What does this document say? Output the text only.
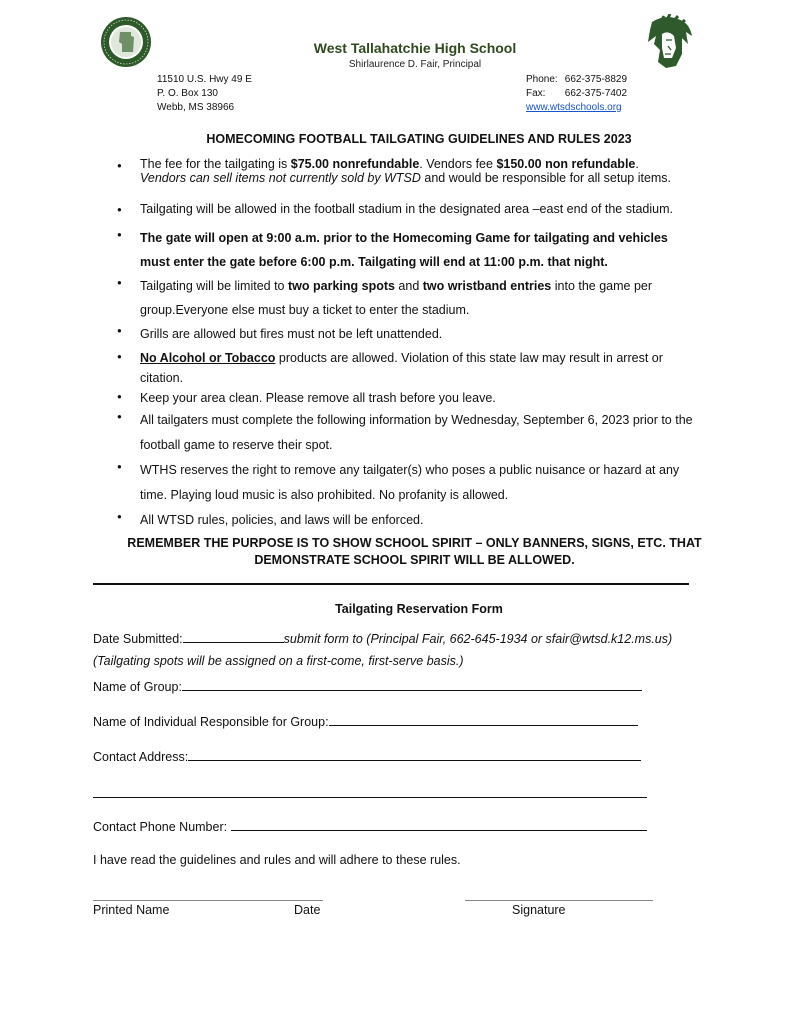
West Tallahatchie High School
Shirlaurence D. Fair, Principal
11510 U.S. Hwy 49 E
P. O. Box 130
Webb, MS 38966
Phone: 662-375-8829
Fax: 662-375-7402
www.wtsdschools.org
HOMECOMING FOOTBALL TAILGATING GUIDELINES AND RULES 2023
● The fee for the tailgating is $75.00 nonrefundable. Vendors fee $150.00 non refundable.
Vendors can sell items not currently sold by WTSD and would be responsible for all setup items.
● Tailgating will be allowed in the football stadium in the designated area –east end of the stadium.
● The gate will open at 9:00 a.m. prior to the Homecoming Game for tailgating and vehicles must enter the gate before 6:00 p.m. Tailgating will end at 11:00 p.m. that night.
● Tailgating will be limited to two parking spots and two wristband entries into the game per group.Everyone else must buy a ticket to enter the stadium.
● Grills are allowed but fires must not be left unattended.
● No Alcohol or Tobacco products are allowed. Violation of this state law may result in arrest or citation.
● Keep your area clean. Please remove all trash before you leave.
● All tailgaters must complete the following information by Wednesday, September 6, 2023 prior to the football game to reserve their spot.
● WTHS reserves the right to remove any tailgater(s) who poses a public nuisance or hazard at any time. Playing loud music is also prohibited. No profanity is allowed.
● All WTSD rules, policies, and laws will be enforced.
REMEMBER THE PURPOSE IS TO SHOW SCHOOL SPIRIT – ONLY BANNERS, SIGNS, ETC. THAT DEMONSTRATE SCHOOL SPIRIT WILL BE ALLOWED.
Tailgating Reservation Form
Date Submitted:	submit form to (Principal Fair, 662-645-1934 or sfair@wtsd.k12.ms.us)
(Tailgating spots will be assigned on a first-come, first-serve basis.)
Name of Group:
Name of Individual Responsible for Group:
Contact Address:
Contact Phone Number:
I have read the guidelines and rules and will adhere to these rules.
Printed Name	Date	Signature
